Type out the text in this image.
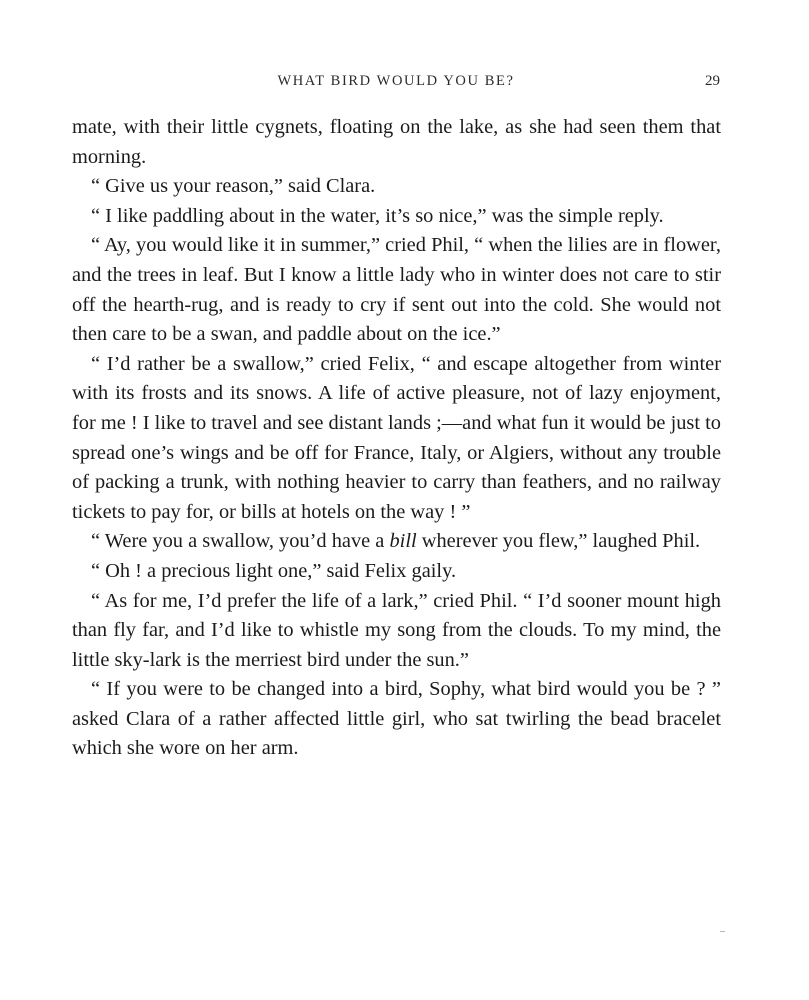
WHAT BIRD WOULD YOU BE?	29

mate, with their little cygnets, floating on the lake, as she had seen them that morning.

“ Give us your reason,” said Clara.

“ I like paddling about in the water, it’s so nice,” was the simple reply.

“ Ay, you would like it in summer,” cried Phil, “ when the lilies are in flower, and the trees in leaf. But I know a little lady who in winter does not care to stir off the hearth-rug, and is ready to cry if sent out into the cold. She would not then care to be a swan, and paddle about on the ice.”

“ I’d rather be a swallow,” cried Felix, “ and escape altogether from winter with its frosts and its snows. A life of active pleasure, not of lazy enjoyment, for me ! I like to travel and see distant lands ;—and what fun it would be just to spread one’s wings and be off for France, Italy, or Algiers, without any trouble of packing a trunk, with nothing heavier to carry than feathers, and no railway tickets to pay for, or bills at hotels on the way ! ”

“ Were you a swallow, you’d have a bill wherever you flew,” laughed Phil.

“ Oh ! a precious light one,” said Felix gaily.

“ As for me, I’d prefer the life of a lark,” cried Phil. “ I’d sooner mount high than fly far, and I’d like to whistle my song from the clouds. To my mind, the little sky-lark is the merriest bird under the sun.”

“ If you were to be changed into a bird, Sophy, what bird would you be ? ” asked Clara of a rather affected little girl, who sat twirling the bead bracelet which she wore on her arm.
